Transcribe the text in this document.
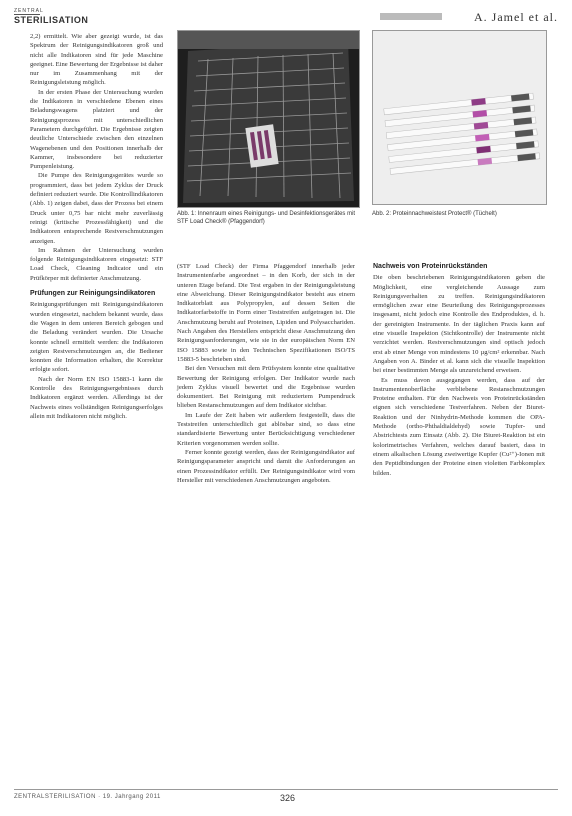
ZENTRAL
STERILISATION	A. Jamel et al.
Abb. 1: Innenraum eines Reinigungs- und Desinfektionsgerätes mit STF Load Check® (Pfaggendorf)
Abb. 2: Proteinnachweistest Protect® (Tüchelt)

2,2) ermittelt. Wie aber gezeigt wurde, ist das Spektrum der Reinigungsindikatoren groß und nicht alle Indikatoren sind für jede Maschine geeignet. Eine Bewertung der Ergebnisse ist daher nur im Zusammenhang mit der Reinigungsleistung möglich.

In der ersten Phase der Untersuchung wurden die Indikatoren in verschiedene Ebenen eines Beladungswagens platziert und der Reinigungsprozess mit unterschiedlichen Parametern durchgeführt. Die Ergebnisse zeigten deutliche Unterschiede zwischen den einzelnen Wagenebenen und den Positionen innerhalb der Kammer, insbesondere bei reduzierter Pumpenleistung.

Die Pumpe des Reinigungsgerätes wurde so programmiert, dass bei jedem Zyklus der Druck definiert reduziert wurde. Die Kontrollindikatoren (Abb. 1) zeigen dabei, dass der Prozess bei einem Druck unter 0,75 bar nicht mehr zuverlässig reinigt (kritische Prozessfähigkeit) und die Indikatoren entsprechende Restverschmutzungen anzeigen.

Im Rahmen der Untersuchung wurden folgende Reinigungsindikatoren eingesetzt: STF Load Check, Cleaning Indicator und ein Prüfkörper mit definierter Anschmutzung.

Prüfungen zur Reinigungsindikatoren

Reinigungsprüfungen mit Reinigungsindikatoren wurden eingesetzt, nachdem bekannt wurde, dass die Wagen in dem unteren Bereich gebogen und die Beladung verändert wurden. Die Ursache konnte schnell ermittelt werden: die Indikatoren zeigten Restverschmutzungen an, die Bediener konnten die Information erhalten, die Korrektur erfolgte sofort.

Nach der Norm EN ISO 15883-1 kann die Kontrolle des Reinigungsergebnisses durch Indikatoren ergänzt werden. Allerdings ist der Nachweis eines vollständigen Reinigungserfolges allein mit Indikatoren nicht möglich.

(STF Load Check) der Firma Pfaggendorf innerhalb jeder Instrumentenfarbe angeordnet – in den Korb, der sich in der unteren Etage befand. Die Test ergaben in der Reinigungsleistung eine Abweichung. Dieser Reinigungsindikator besteht aus einem Indikatorblatt aus Polypropylen, auf dessen Seiten die Indikatorfarbstoffe in Form einer Teststreifen aufgetragen ist. Die Anschmutzung beruht auf Proteinen, Lipiden und Polysacchariden. Nach Angaben des Herstellers entspricht diese Anschmutzung den Reinigungsanforderungen, wie sie in der europäischen Norm EN ISO 15883 sowie in den Technischen Spezifikationen ISO/TS 15883-5 beschrieben sind.

Bei den Versuchen mit dem Prüfsystem konnte eine qualitative Bewertung der Reinigung erfolgen. Der Indikator wurde nach jedem Zyklus visuell bewertet und die Ergebnisse wurden dokumentiert. Bei Reinigung mit reduziertem Pumpendruck blieben Restanschmutzungen auf dem Indikator sichtbar.

Im Laufe der Zeit haben wir außerdem festgestellt, dass die Teststreifen unterschiedlich gut ablösbar sind, so dass eine standardisierte Bewertung unter Berücksichtigung verschiedener Kriterien vorgenommen werden sollte.

Ferner konnte gezeigt werden, dass der Reinigungsindikator auf Reinigungsparameter anspricht und damit die Anforderungen an einen Prozessindikator erfüllt. Der Reinigungsindikator wird vom Hersteller mit verschiedenen Anschmutzungen angeboten.

Nachweis von Proteinrückständen

Die oben beschriebenen Reinigungsindikatoren geben die Möglichkeit, eine vergleichende Aussage zum Reinigungsverhalten zu treffen. Reinigungsindikatoren ermöglichen zwar eine Beurteilung des Reinigungsprozesses insgesamt, nicht jedoch eine Kontrolle des Endproduktes, d. h. der gereinigten Instrumente. In der täglichen Praxis kann auf eine visuelle Inspektion (Sichtkontrolle) der Instrumente nicht verzichtet werden. Restverschmutzungen sind optisch jedoch erst ab einer Menge von mindestens 10 µg/cm² erkennbar. Nach Angaben von A. Binder et al. kann sich die visuelle Inspektion bei einer bestimmten Menge als unzureichend erweisen.

Es muss davon ausgegangen werden, dass auf der Instrumentenoberfläche verbliebene Restanschmutzungen Proteine enthalten. Für den Nachweis von Proteinrückständen eignen sich verschiedene Testverfahren. Neben der Biuret-Reaktion und der Ninhydrin-Methode kommen die OPA-Methode (ortho-Phthaldialdehyd) sowie Tupfer- und Abstrichtests zum Einsatz (Abb. 2). Die Biuret-Reaktion ist ein kolorimetrisches Verfahren, welches darauf basiert, dass in einem alkalischen Lösung zweiwertige Kupfer (Cu²⁺)-Ionen mit den Peptidbindungen der Proteine einen violetten Farbkomplex bilden.

ZENTRALSTERILISATION · 19. Jahrgang 2011	326
